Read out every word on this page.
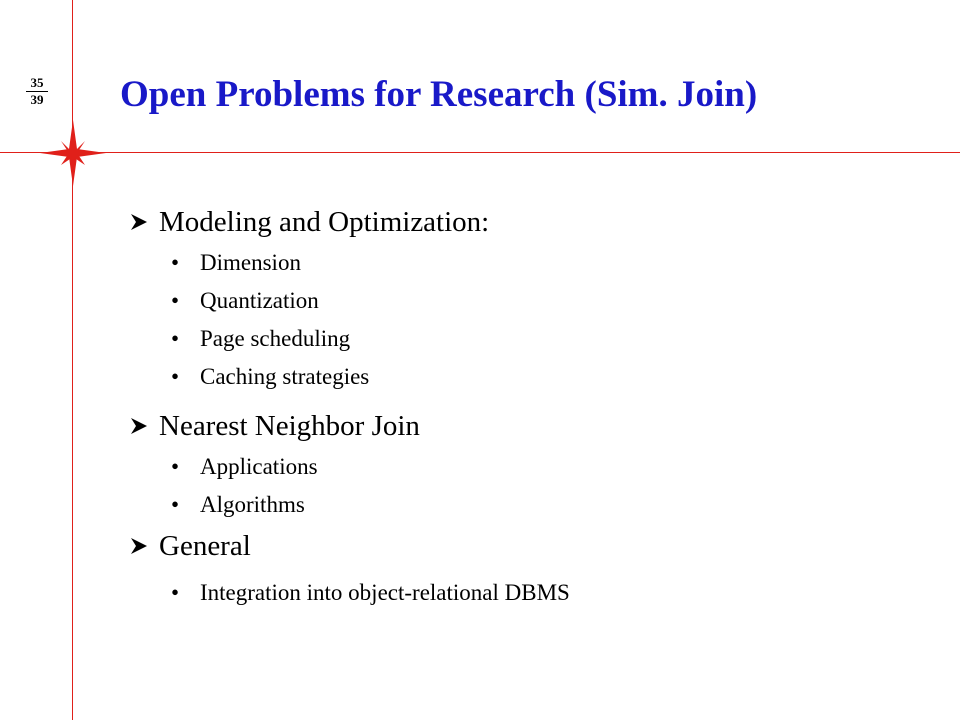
35
39 Open Problems for Research (Sim. Join)
Modeling and Optimization:
• Dimension
• Quantization
• Page scheduling
• Caching strategies
Nearest Neighbor Join
• Applications
• Algorithms
General
• Integration into object-relational DBMS
